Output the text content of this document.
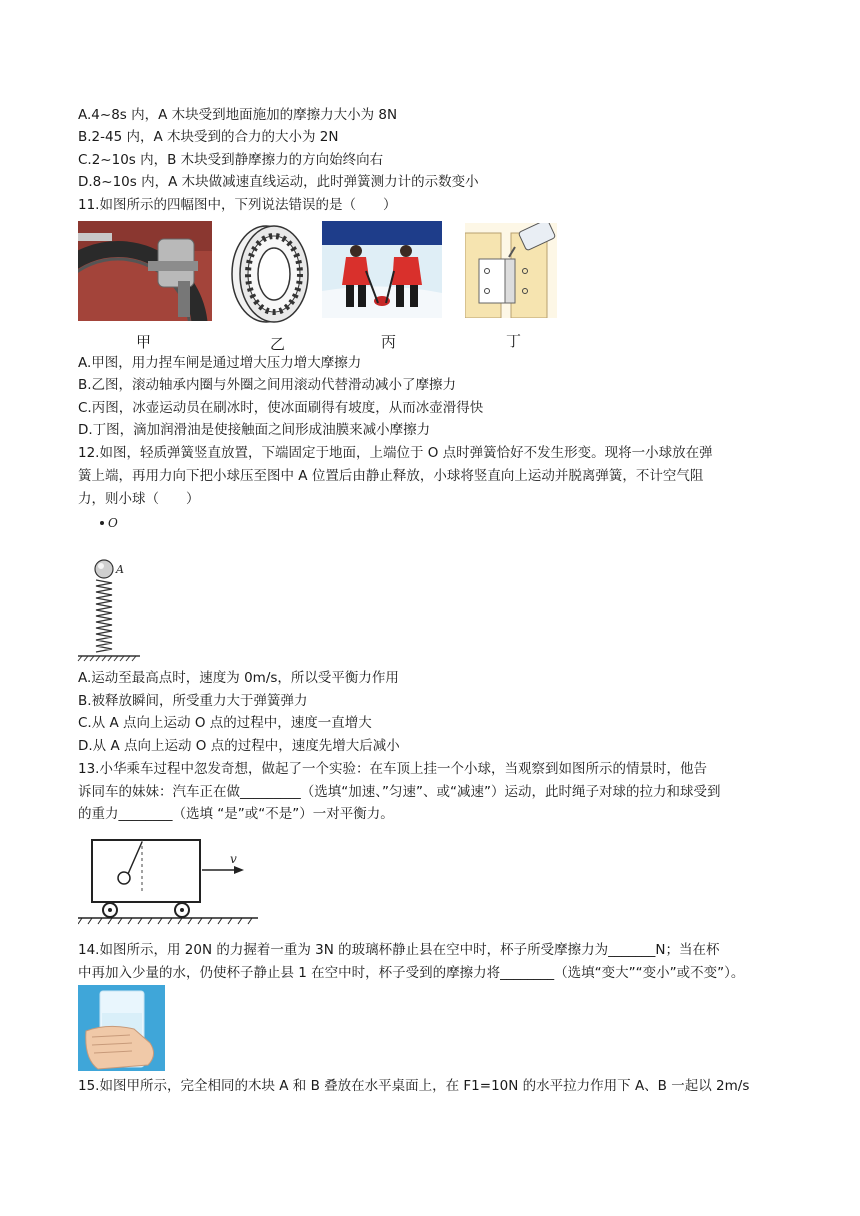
A.4~8s 内，A 木块受到地面施加的摩擦力大小为 8N
B.2-45 内，A 木块受到的合力的大小为 2N
C.2~10s 内，B 木块受到静摩擦力的方向始终向右
D.8~10s 内，A 木块做减速直线运动，此时弹簧测力计的示数变小
11.如图所示的四幅图中，下列说法错误的是（　　）
甲	乙	丙	丁
A.甲图，用力捏车闸是通过增大压力增大摩擦力
B.乙图，滚动轴承内圈与外圈之间用滚动代替滑动减小了摩擦力
C.丙图，冰壶运动员在刷冰时，使冰面刷得有坡度，从而冰壶滑得快
D.丁图，滴加润滑油是使接触面之间形成油膜来减小摩擦力
12.如图，轻质弹簧竖直放置，下端固定于地面，上端位于 O 点时弹簧恰好不发生形变。现将一小球放在弹
簧上端，再用力向下把小球压至图中 A 位置后由静止释放，小球将竖直向上运动并脱离弹簧，不计空气阻
力，则小球（　　）
O
A
A.运动至最高点时，速度为 0m/s，所以受平衡力作用
B.被释放瞬间，所受重力大于弹簧弹力
C.从 A 点向上运动 O 点的过程中，速度一直增大
D.从 A 点向上运动 O 点的过程中，速度先增大后减小
13.小华乘车过程中忽发奇想，做起了一个实验：在车顶上挂一个小球，当观察到如图所示的情景时，他告
诉同车的妹妹：汽车正在做_________（选填“加速、”匀速”、或“减速”）运动，此时绳子对球的拉力和球受到
的重力________（选填 “是”或“不是”）一对平衡力。
v
14.如图所示，用 20N 的力握着一重为 3N 的玻璃杯静止县在空中时，杯子所受摩擦力为_______N；当在杯
中再加入少量的水，仍使杯子静止县 1 在空中时，杯子受到的摩擦力将________（选填“变大”“变小”或不变”）。
15.如图甲所示，完全相同的木块 A 和 B 叠放在水平桌面上，在 F1=10N 的水平拉力作用下 A、B 一起以 2m/s
